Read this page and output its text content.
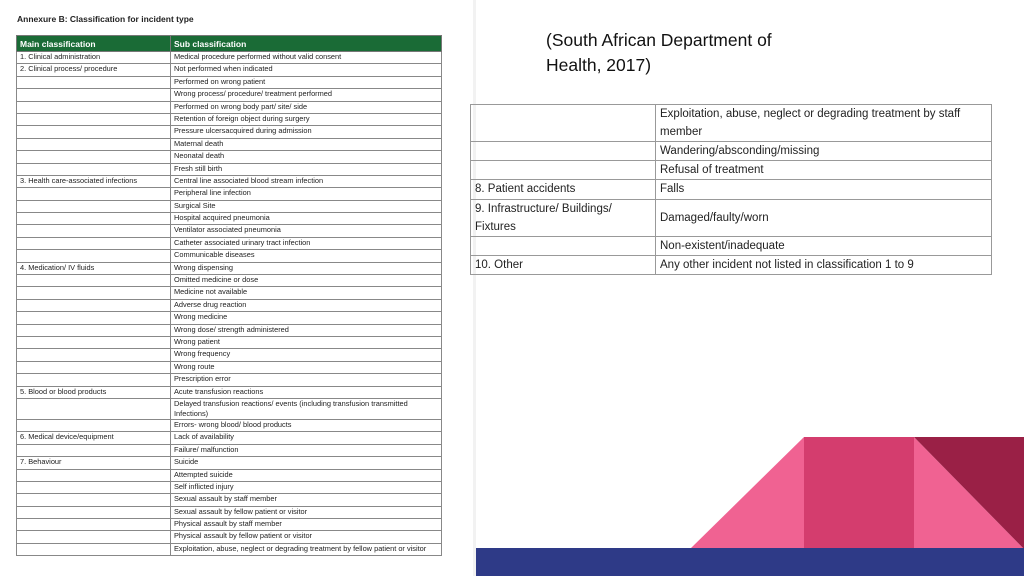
Annexure B: Classification for incident type
Main classification	Sub classification
1. Clinical administration	Medical procedure performed without valid consent
2. Clinical process/ procedure	Not performed when indicated
	Performed on wrong patient
	Wrong process/ procedure/ treatment performed
	Performed on wrong body part/ site/ side
	Retention of foreign object during surgery
	Pressure ulcersacquired during admission
	Maternal death
	Neonatal death
	Fresh still birth
3. Health care-associated infections	Central line associated blood stream infection
	Peripheral line infection
	Surgical Site
	Hospital acquired pneumonia
	Ventilator associated pneumonia
	Catheter associated urinary tract infection
	Communicable diseases
4. Medication/ IV fluids	Wrong dispensing
	Omitted medicine or dose
	Medicine not available
	Adverse drug reaction
	Wrong medicine
	Wrong dose/ strength administered
	Wrong patient
	Wrong frequency
	Wrong route
	Prescription error
5. Blood or blood products	Acute transfusion reactions
	Delayed transfusion reactions/ events (including transfusion transmitted Infections)
	Errors- wrong blood/ blood products
6. Medical device/equipment	Lack of availability
	Failure/ malfunction
7. Behaviour	Suicide
	Attempted suicide
	Self inflicted injury
	Sexual assault by staff member
	Sexual assault by fellow patient or visitor
	Physical assault by staff member
	Physical assault by fellow patient or visitor
	Exploitation, abuse, neglect or degrading treatment by fellow patient or visitor
(South African Department of
Health, 2017)
	Exploitation, abuse, neglect or degrading treatment by staff member
	Wandering/absconding/missing
	Refusal of treatment
8. Patient accidents	Falls
9. Infrastructure/ Buildings/ Fixtures	Damaged/faulty/worn
	Non-existent/inadequate
10. Other	Any other incident not listed in classification 1 to 9
